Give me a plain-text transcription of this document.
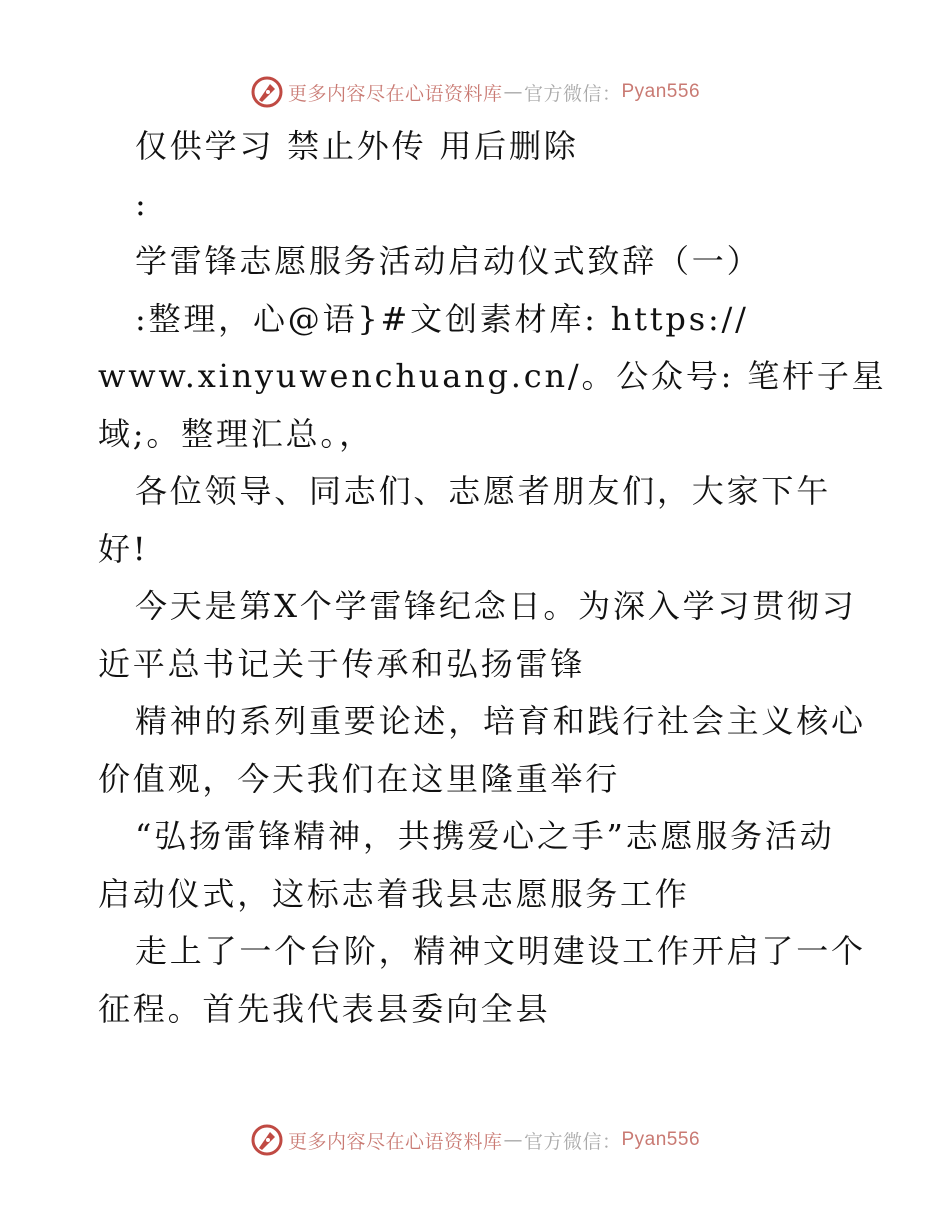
更多内容尽在心语资料库 — 官方微信： Pyan556
仅供学习 禁止外传 用后删除
:
学雷锋志愿服务活动启动仪式致辞（一）
:整理，心@语}#文创素材库: https://
www.xinyuwenchuang.cn/。公众号: 笔杆子星
域;。整理汇总。，
各位领导、同志们、志愿者朋友们，大家下午
好!
今天是第X个学雷锋纪念日。为深入学习贯彻习
近平总书记关于传承和弘扬雷锋
精神的系列重要论述，培育和践行社会主义核心
价值观，今天我们在这里隆重举行
“弘扬雷锋精神，共携爱心之手”志愿服务活动
启动仪式，这标志着我县志愿服务工作
走上了一个台阶，精神文明建设工作开启了一个
征程。首先我代表县委向全县
更多内容尽在心语资料库 — 官方微信： Pyan556
